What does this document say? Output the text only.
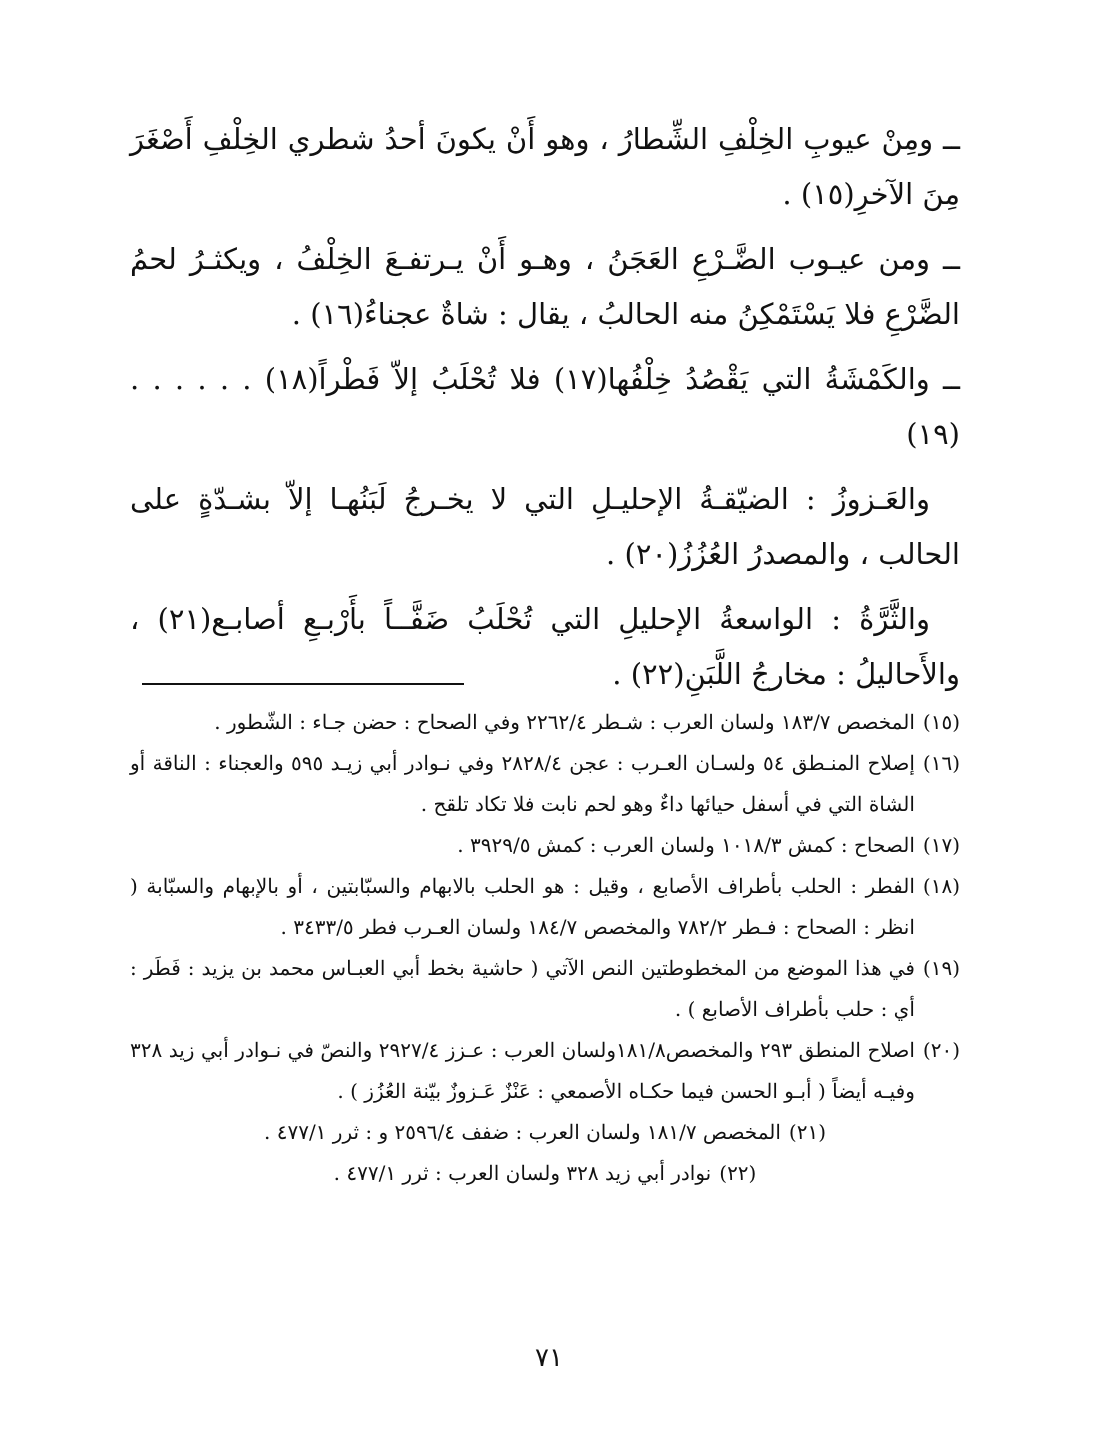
ــ ومِنْ عيوبِ الخِلْفِ الشِّطارُ ، وهو أَنْ يكونَ أحدُ شطري الخِلْفِ أَصْغَرَ مِنَ الآخرِ(١٥) .

ــ ومن عيـوب الضَّـرْعِ العَجَنُ ، وهـو أَنْ يـرتفـعَ الخِلْفُ ، ويكثـرُ لحمُ الضَّرْعِ فلا يَسْتَمْكِنُ منه الحالبُ ، يقال : شاةٌ عجناءُ(١٦) .

ــ والكَمْشَةُ التي يَقْصُدُ خِلْفُها(١٧) فلا تُحْلَبُ إلاّ فَطْراً(١٨) . . . . . . (١٩)

والعَـزوزُ : الضيّقـةُ الإحليـلِ التي لا يخـرجُ لَبَنُهـا إلاّ بشـدّةٍ على الحالب ، والمصدرُ العُزُزُ(٢٠) .

والثَّرَّةُ : الواسعةُ الإحليلِ التي تُحْلَبُ ضَفَّــاً بأَرْبـعِ أصابـع(٢١) ، والأَحاليلُ : مخارجُ اللَّبَنِ(٢٢) .

(١٥)
المخصص ١٨٣/٧ ولسان العرب : شـطر ٢٢٦٢/٤ وفي الصحاح : حضن جـاء : الشّطور .
(١٦)
إصلاح المنـطق ٥٤ ولسـان العـرب : عجن ٢٨٢٨/٤ وفي نـوادر أبي زيـد ٥٩٥ والعجناء : الناقة أو الشاة التي في أسفل حيائها داءٌ وهو لحم نابت فلا تكاد تلقح .
(١٧)
الصحاح : كمش ١٠١٨/٣ ولسان العرب : كمش ٣٩٢٩/٥ .
(١٨)
الفطر : الحلب بأطراف الأصابع ، وقيل : هو الحلب بالابهام والسبّابتين ، أو بالإبهام والسبّابة ( انظر : الصحاح : فـطر ٧٨٢/٢ والمخصص ١٨٤/٧ ولسان العـرب فطر ٣٤٣٣/٥ .
(١٩)
في هذا الموضع من المخطوطتين النص الآتي ( حاشية بخط أبي العبـاس محمد بن يزيد : فَطَر : أي : حلب بأطراف الأصابع ) .
(٢٠)
اصلاح المنطق ٢٩٣ والمخصص١٨١/٨ولسان العرب : عـزز ٢٩٢٧/٤ والنصّ في نـوادر أبي زيد ٣٢٨ وفيـه أيضاً ( أبـو الحسن فيما حكـاه الأصمعي : عَنْزٌ عَـزوزٌ بيّنة العُزُز ) .
(٢١)
المخصص ١٨١/٧ ولسان العرب : ضفف ٢٥٩٦/٤ و : ثرر ٤٧٧/١ .
(٢٢)
نوادر أبي زيد ٣٢٨ ولسان العرب : ثرر ٤٧٧/١ .
٧١
